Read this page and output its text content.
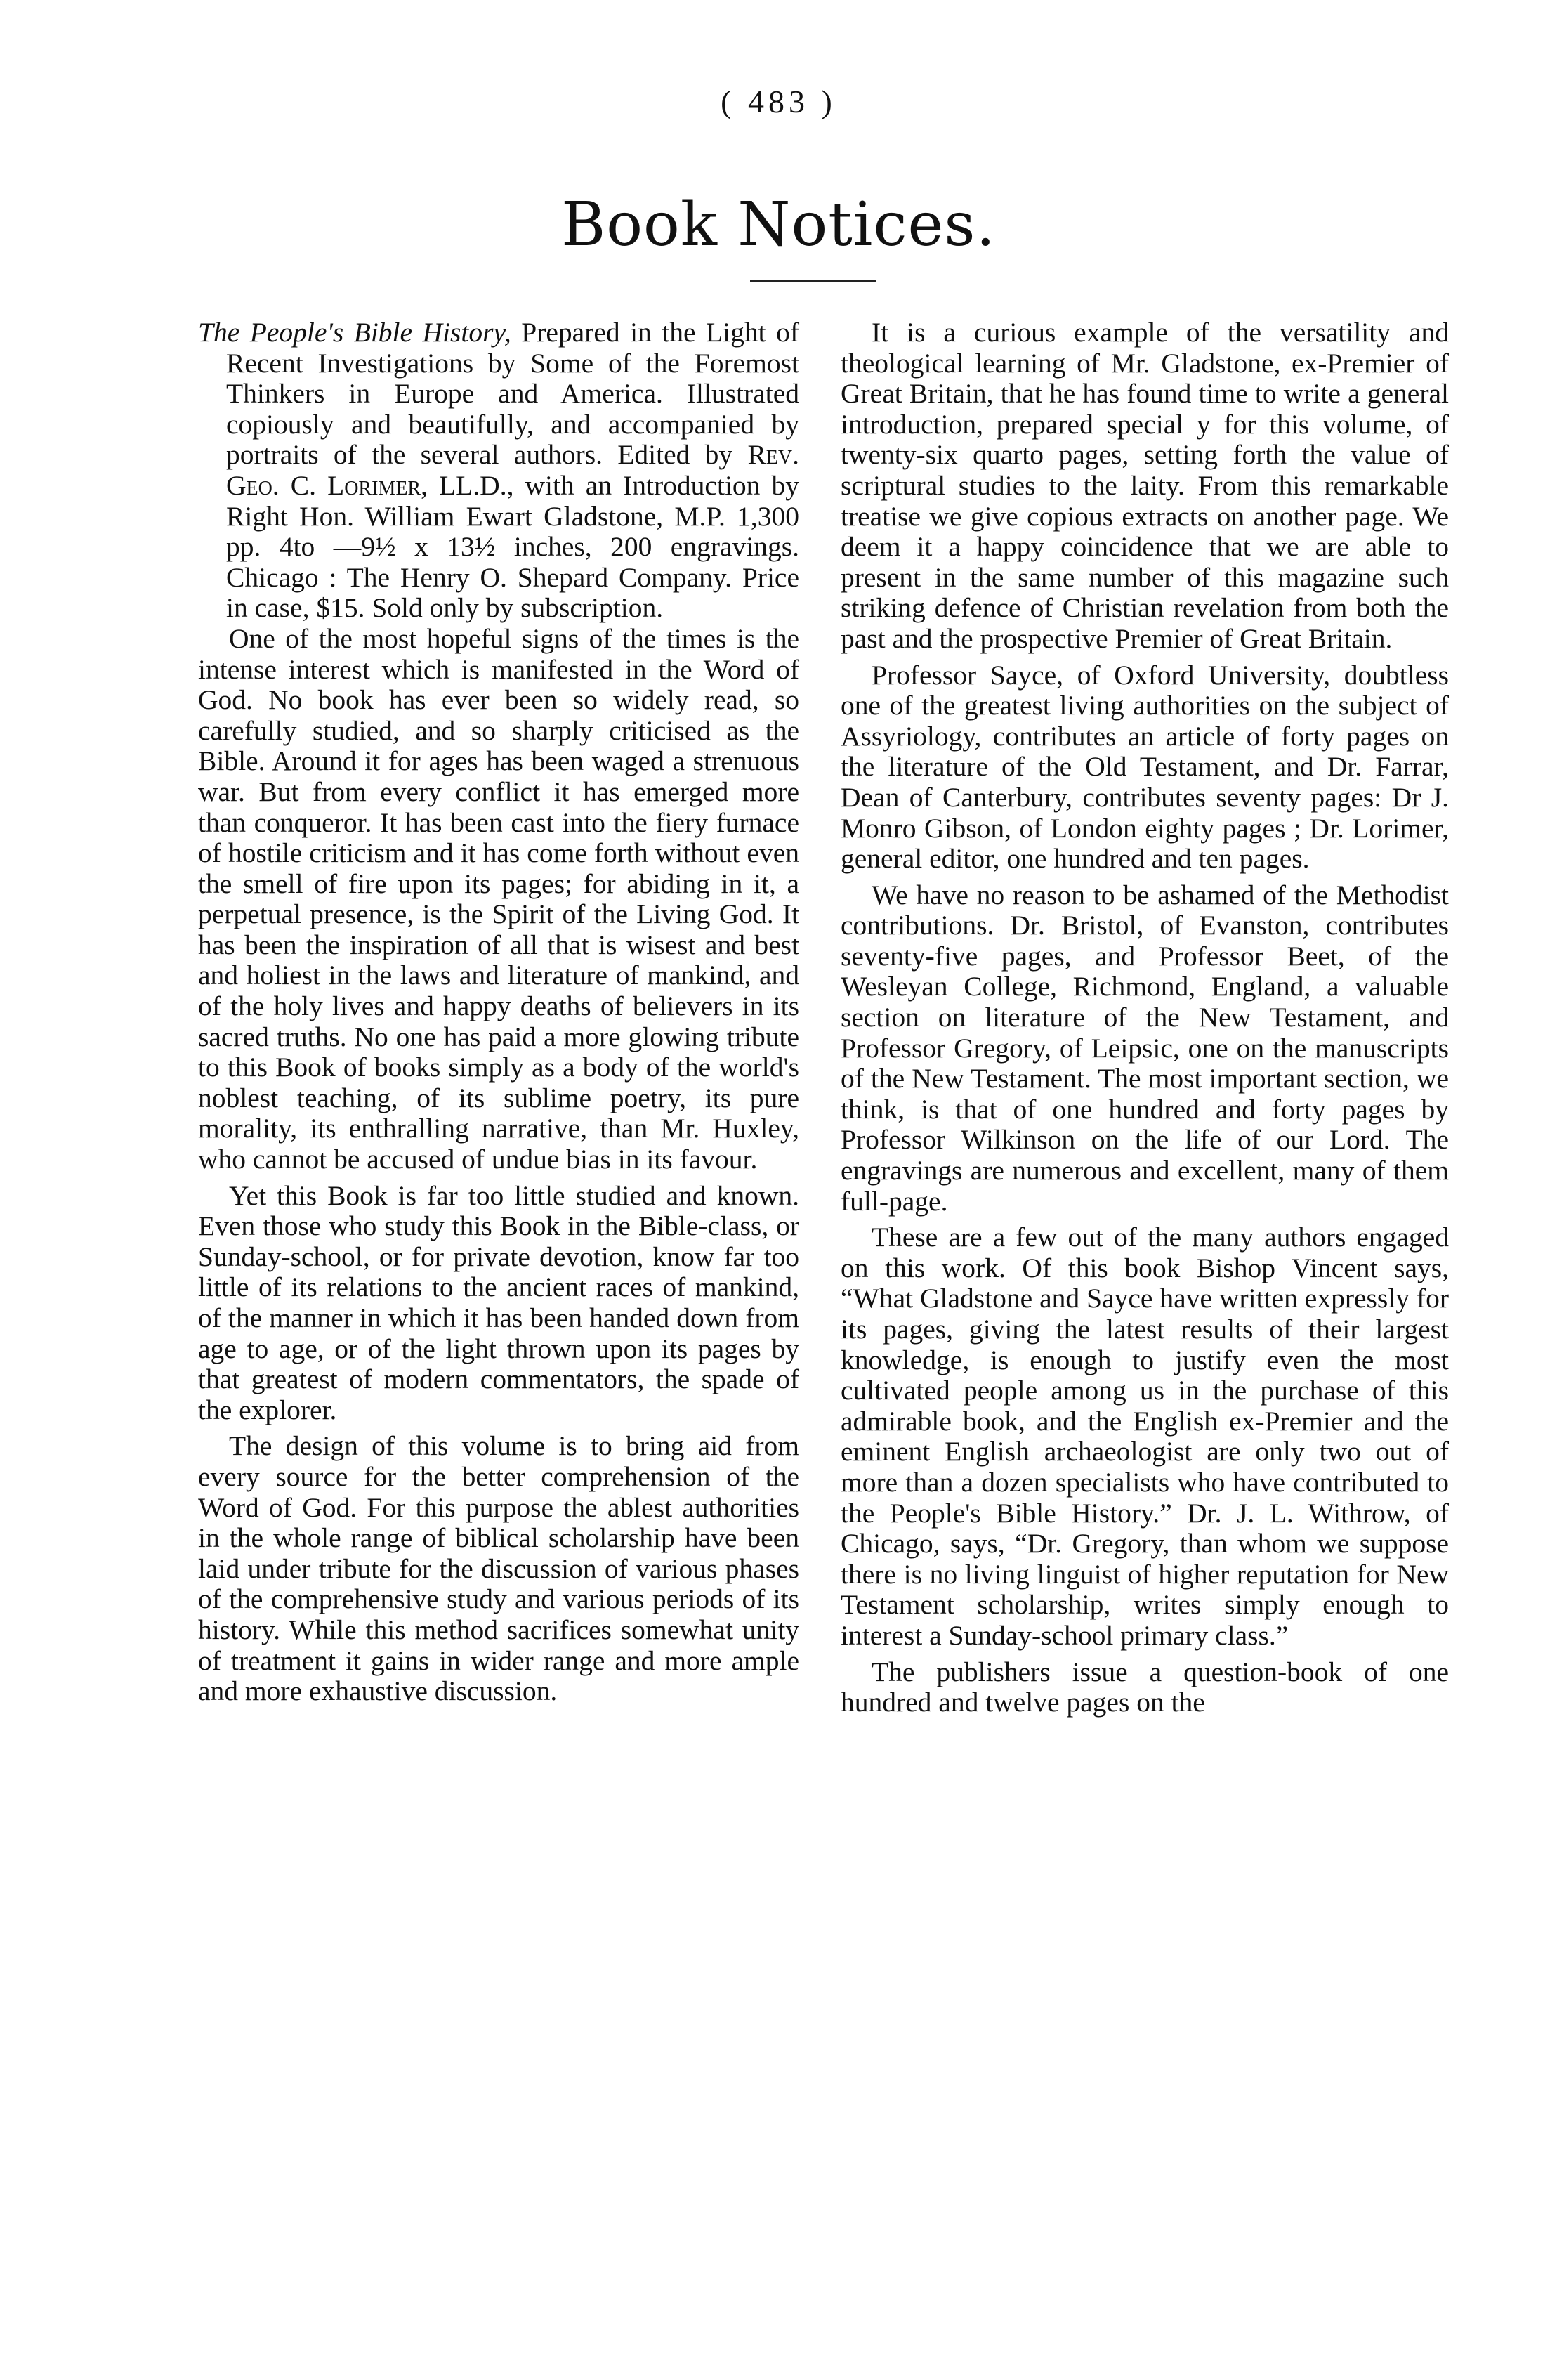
( 483 )
Book Notices.

The People's Bible History, Prepared in the Light of Recent Investigations by Some of the Foremost Thinkers in Europe and America. Illustrated copiously and beautifully, and accompanied by portraits of the several authors. Edited by Rev. Geo. C. Lorimer, LL.D., with an Introduction by Right Hon. William Ewart Gladstone, M.P. 1,300 pp. 4to —9½ x 13½ inches, 200 engravings. Chicago : The Henry O. Shepard Company. Price in case, $15. Sold only by subscription.

One of the most hopeful signs of the times is the intense interest which is manifested in the Word of God. No book has ever been so widely read, so carefully studied, and so sharply criticised as the Bible. Around it for ages has been waged a strenuous war. But from every conflict it has emerged more than conqueror. It has been cast into the fiery furnace of hostile criticism and it has come forth without even the smell of fire upon its pages; for abiding in it, a perpetual presence, is the Spirit of the Living God. It has been the inspiration of all that is wisest and best and holiest in the laws and literature of mankind, and of the holy lives and happy deaths of believers in its sacred truths. No one has paid a more glowing tribute to this Book of books simply as a body of the world's noblest teaching, of its sublime poetry, its pure morality, its enthralling narrative, than Mr. Huxley, who cannot be accused of undue bias in its favour.

Yet this Book is far too little studied and known. Even those who study this Book in the Bible-class, or Sunday-school, or for private devotion, know far too little of its relations to the ancient races of mankind, of the manner in which it has been handed down from age to age, or of the light thrown upon its pages by that greatest of modern commentators, the spade of the explorer.

The design of this volume is to bring aid from every source for the better comprehension of the Word of God. For this purpose the ablest authorities in the whole range of biblical scholarship have been laid under tribute for the discussion of various phases of the comprehensive study and various periods of its history. While this method sacrifices somewhat unity of treatment it gains in wider range and more ample and more exhaustive discussion.

It is a curious example of the versatility and theological learning of Mr. Gladstone, ex-Premier of Great Britain, that he has found time to write a general introduction, prepared special y for this volume, of twenty-six quarto pages, setting forth the value of scriptural studies to the laity. From this remarkable treatise we give copious extracts on another page. We deem it a happy coincidence that we are able to present in the same number of this magazine such striking defence of Christian revelation from both the past and the prospective Premier of Great Britain.

Professor Sayce, of Oxford University, doubtless one of the greatest living authorities on the subject of Assyriology, contributes an article of forty pages on the literature of the Old Testament, and Dr. Farrar, Dean of Canterbury, contributes seventy pages: Dr J. Monro Gibson, of London eighty pages ; Dr. Lorimer, general editor, one hundred and ten pages.

We have no reason to be ashamed of the Methodist contributions. Dr. Bristol, of Evanston, contributes seventy-five pages, and Professor Beet, of the Wesleyan College, Richmond, England, a valuable section on literature of the New Testament, and Professor Gregory, of Leipsic, one on the manuscripts of the New Testament. The most important section, we think, is that of one hundred and forty pages by Professor Wilkinson on the life of our Lord. The engravings are numerous and excellent, many of them full-page.

These are a few out of the many authors engaged on this work. Of this book Bishop Vincent says, “What Gladstone and Sayce have written expressly for its pages, giving the latest results of their largest knowledge, is enough to justify even the most cultivated people among us in the purchase of this admirable book, and the English ex-Premier and the eminent English archaeologist are only two out of more than a dozen specialists who have contributed to the People's Bible History.” Dr. J. L. Withrow, of Chicago, says, “Dr. Gregory, than whom we suppose there is no living linguist of higher reputation for New Testament scholarship, writes simply enough to interest a Sunday-school primary class.”

The publishers issue a question-book of one hundred and twelve pages on the
